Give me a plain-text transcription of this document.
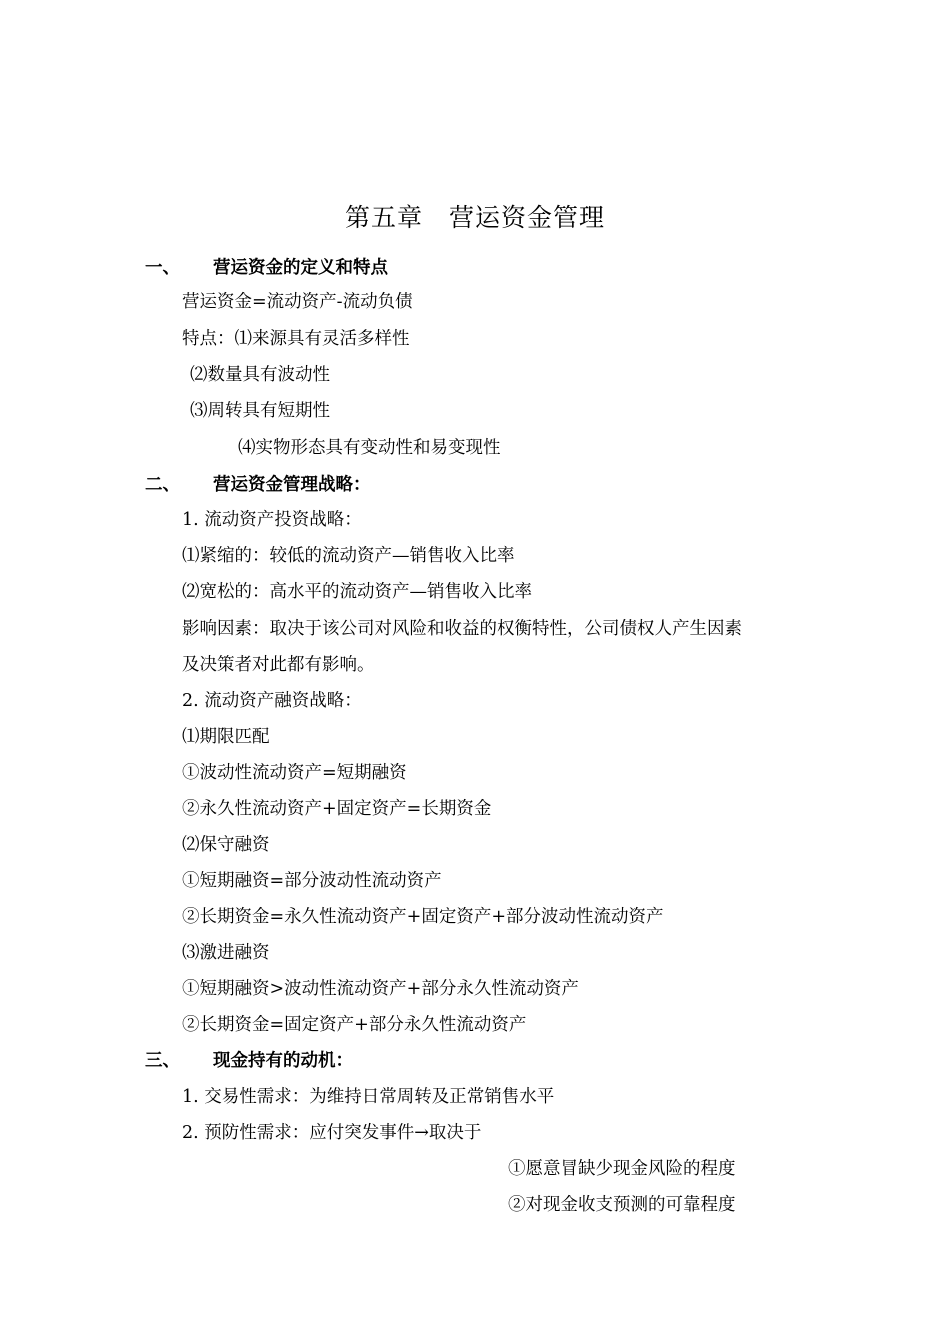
第五章　营运资金管理
一、 营运资金的定义和特点
营运资金=流动资产-流动负债
特点：⑴来源具有灵活多样性
⑵数量具有波动性
⑶周转具有短期性
⑷实物形态具有变动性和易变现性
二、 营运资金管理战略：
1. 流动资产投资战略：
⑴紧缩的：较低的流动资产—销售收入比率
⑵宽松的：高水平的流动资产—销售收入比率
影响因素：取决于该公司对风险和收益的权衡特性，公司债权人产生因素
及决策者对此都有影响。
2. 流动资产融资战略：
⑴期限匹配
①波动性流动资产=短期融资
②永久性流动资产+固定资产=长期资金
⑵保守融资
①短期融资=部分波动性流动资产
②长期资金=永久性流动资产+固定资产+部分波动性流动资产
⑶激进融资
①短期融资>波动性流动资产+部分永久性流动资产
②长期资金=固定资产+部分永久性流动资产
三、 现金持有的动机：
1. 交易性需求：为维持日常周转及正常销售水平
2. 预防性需求：应付突发事件→取决于
①愿意冒缺少现金风险的程度
②对现金收支预测的可靠程度
